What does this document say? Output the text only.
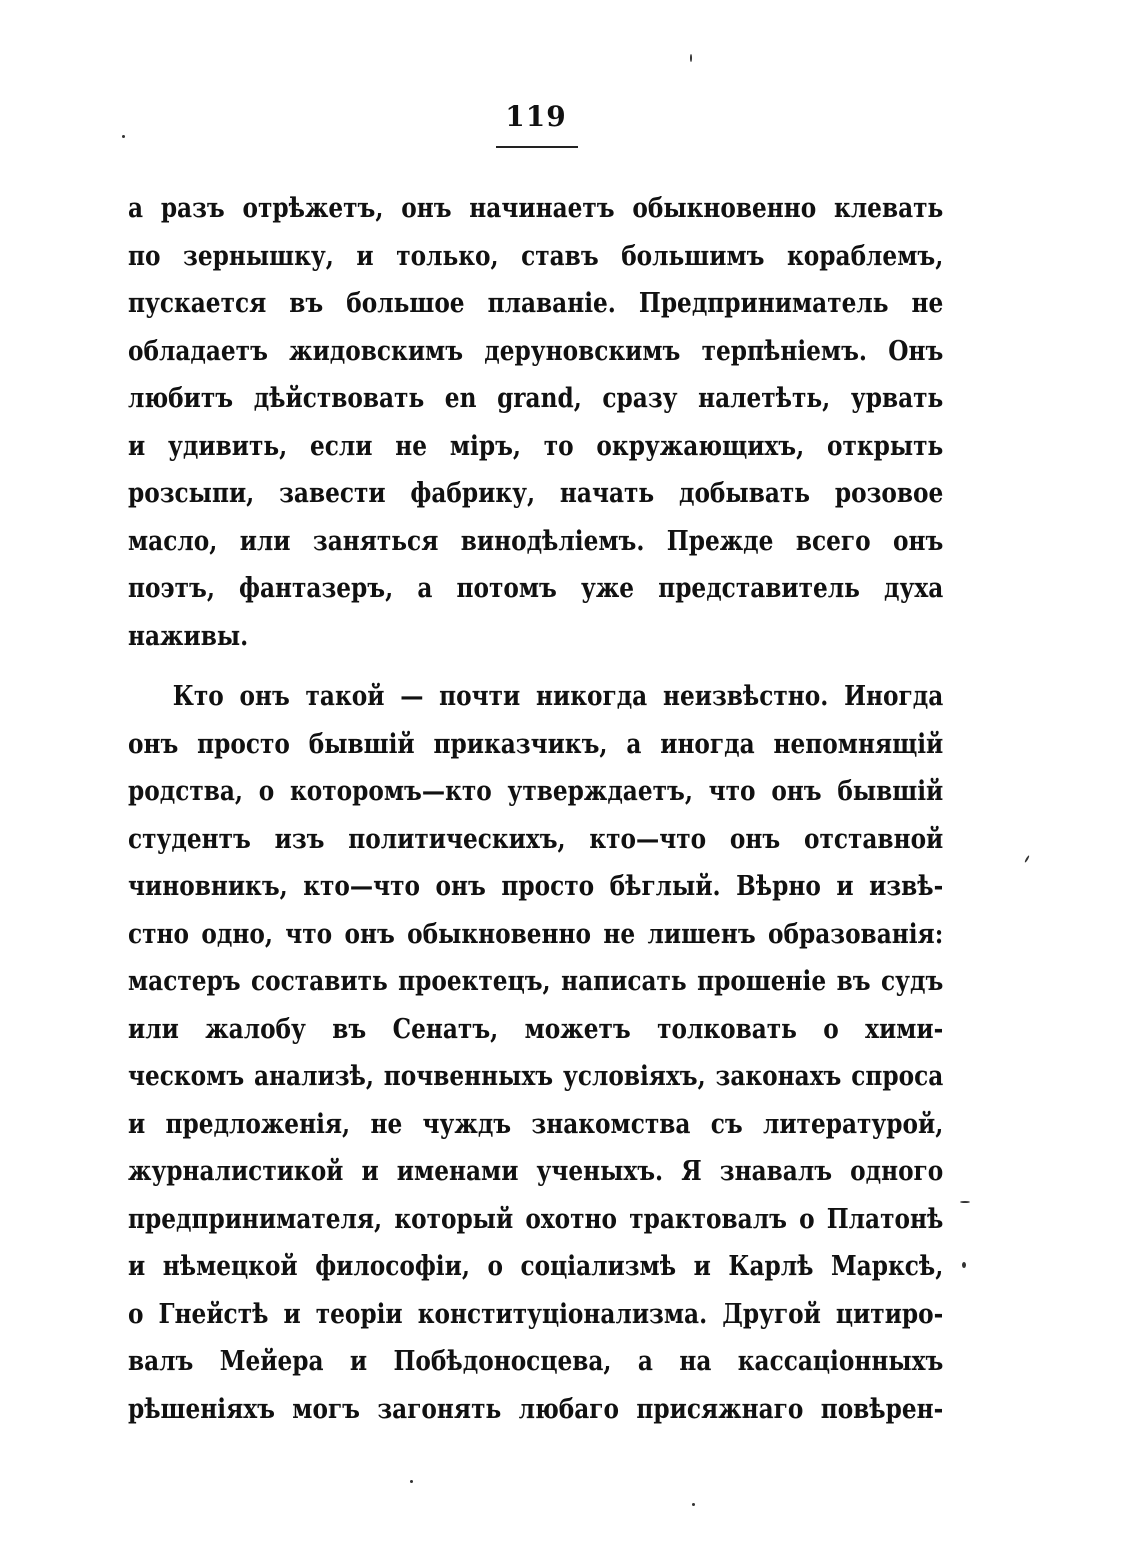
119
а разъ отрѣжетъ, онъ начинаетъ обыкновенно клевать
по зернышку, и только, ставъ большимъ кораблемъ,
пускается въ большое плаваніе. Предприниматель не
обладаетъ жидовскимъ деруновскимъ терпѣніемъ. Онъ
любитъ дѣйствовать en grand, сразу налетѣть, урвать
и удивить, если не міръ, то окружающихъ, открыть
розсыпи, завести фабрику, начать добывать розовое
масло, или заняться винодѣліемъ. Прежде всего онъ
поэтъ, фантазеръ, а потомъ уже представитель духа
наживы.
Кто онъ такой — почти никогда неизвѣстно. Иногда
онъ просто бывшій приказчикъ, а иногда непомнящій
родства, о которомъ—кто утверждаетъ, что онъ бывшій
студентъ изъ политическихъ, кто—что онъ отставной
чиновникъ, кто—что онъ просто бѣглый. Вѣрно и извѣ-
стно одно, что онъ обыкновенно не лишенъ образованія:
мастеръ составить проектецъ, написать прошеніе въ судъ
или жалобу въ Сенатъ, можетъ толковать о хими-
ческомъ анализѣ, почвенныхъ условіяхъ, законахъ спроса
и предложенія, не чуждъ знакомства съ литературой,
журналистикой и именами ученыхъ. Я знавалъ одного
предпринимателя, который охотно трактовалъ о Платонѣ
и нѣмецкой философіи, о соціализмѣ и Карлѣ Марксѣ,
о Гнейстѣ и теоріи конституціонализма. Другой цитиро-
валъ Мейера и Побѣдоносцева, а на кассаціонныхъ
рѣшеніяхъ могъ загонять любаго присяжнаго повѣрен-
